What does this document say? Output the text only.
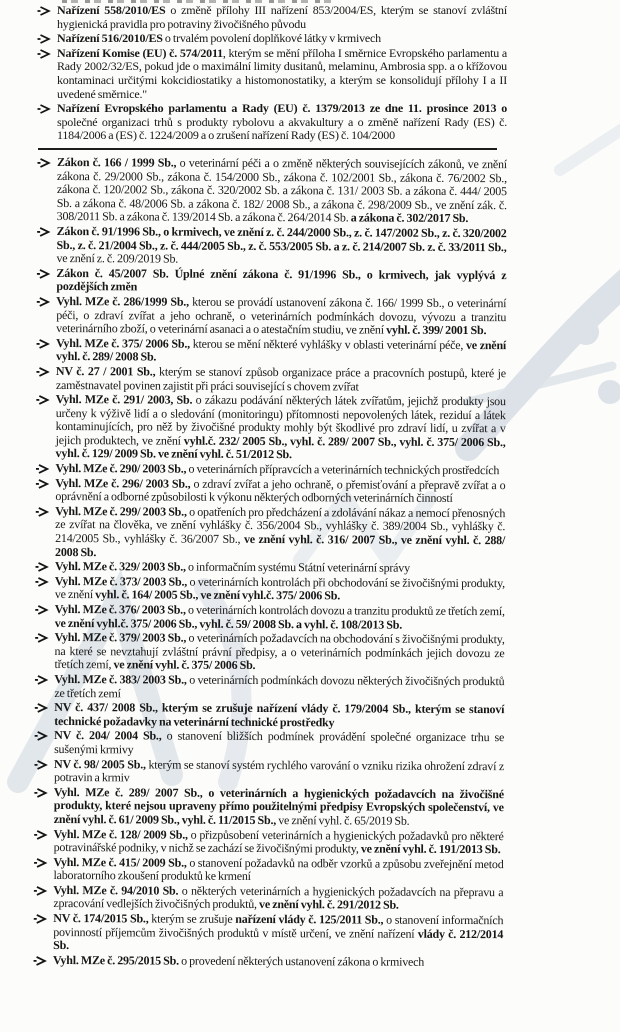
Nařízení 558/2010/ES o změně přílohy III nařízení 853/2004/ES, kterým se stanoví zvláštní hygienická pravidla pro potraviny živočišného původu
Nařízení 516/2010/ES o trvalém povolení doplňkové látky v krmivech
Nařízení Komise (EU) č. 574/2011, kterým se mění příloha I směrnice Evropského parlamentu a Rady 2002/32/ES, pokud jde o maximální limity dusitanů, melaminu, Ambrosia spp. a o křížovou kontaminaci určitými kokcidiostatiky a histomonostatiky, a kterým se konsolidují přílohy I a II uvedené směrnice."
Nařízení Evropského parlamentu a Rady (EU) č. 1379/2013 ze dne 11. prosince 2013 o společné organizaci trhů s produkty rybolovu a akvakultury a o změně nařízení Rady (ES) č. 1184/2006 a (ES) č. 1224/2009 a o zrušení nařízení Rady (ES) č. 104/2000
Zákon č. 166 / 1999 Sb., o veterinární péči a o změně některých souvisejících zákonů, ve znění zákona č. 29/2000 Sb., zákona č. 154/2000 Sb., zákona č. 102/2001 Sb., zákona č. 76/2002 Sb., zákona č. 120/2002 Sb., zákona č. 320/2002 Sb. a zákona č. 131/ 2003 Sb. a zákona č. 444/ 2005 Sb. a zákona č. 48/2006 Sb. a zákona č. 182/ 2008 Sb., a zákona č. 298/2009 Sb., ve znění zák. č. 308/2011 Sb. a zákona č. 139/2014 Sb. a zákona č. 264/2014 Sb. a zákona č. 302/2017 Sb.
Zákon č. 91/1996 Sb., o krmivech, ve znění z. č. 244/2000 Sb., z. č. 147/2002 Sb., z. č. 320/2002 Sb., z. č. 21/2004 Sb., z. č. 444/2005 Sb., z. č. 553/2005 Sb. a z. č. 214/2007 Sb. z. č. 33/2011 Sb., ve znění z. č. 209/2019 Sb.
Zákon č. 45/2007 Sb. Úplné znění zákona č. 91/1996 Sb., o krmivech, jak vyplývá z pozdějších změn
Vyhl. MZe č. 286/1999 Sb., kterou se provádí ustanovení zákona č. 166/ 1999 Sb., o veterinární péči, o zdraví zvířat a jeho ochraně, o veterinárních podmínkách dovozu, vývozu a tranzitu veterinárního zboží, o veterinární asanaci a o atestačním studiu, ve znění vyhl. č. 399/ 2001 Sb.
Vyhl. MZe č. 375/ 2006 Sb., kterou se mění některé vyhlášky v oblasti veterinární péče, ve znění vyhl. č. 289/ 2008 Sb.
NV č. 27 / 2001 Sb., kterým se stanoví způsob organizace práce a pracovních postupů, které je zaměstnavatel povinen zajistit při práci související s chovem zvířat
Vyhl. MZe č. 291/ 2003, Sb. o zákazu podávání některých látek zvířatům, jejichž produkty jsou určeny k výživě lidí a o sledování (monitoringu) přítomnosti nepovolených látek, reziduí a látek kontaminujících, pro něž by živočišné produkty mohly být škodlivé pro zdraví lidí, u zvířat a v jejich produktech, ve znění vyhl.č. 232/ 2005 Sb., vyhl. č. 289/ 2007 Sb., vyhl. č. 375/ 2006 Sb., vyhl. č. 129/ 2009 Sb. ve znění vyhl. č. 51/2012 Sb.
Vyhl. MZe č. 290/ 2003 Sb., o veterinárních přípravcích a veterinárních technických prostředcích
Vyhl. MZe č. 296/ 2003 Sb., o zdraví zvířat a jeho ochraně, o přemisťování a přepravě zvířat a o oprávnění a odborné způsobilosti k výkonu některých odborných veterinárních činností
Vyhl. MZe č. 299/ 2003 Sb., o opatřeních pro předcházení a zdolávání nákaz a nemocí přenosných ze zvířat na člověka, ve znění vyhlášky č. 356/2004 Sb., vyhlášky č. 389/2004 Sb., vyhlášky č. 214/2005 Sb., vyhlášky č. 36/2007 Sb., ve znění vyhl. č. 316/ 2007 Sb., ve znění vyhl. č. 288/ 2008 Sb.
Vyhl. MZe č. 329/ 2003 Sb., o informačním systému Státní veterinární správy
Vyhl. MZe č. 373/ 2003 Sb., o veterinárních kontrolách při obchodování se živočišnými produkty, ve znění vyhl. č. 164/ 2005 Sb., ve znění vyhl.č. 375/ 2006 Sb.
Vyhl. MZe č. 376/ 2003 Sb., o veterinárních kontrolách dovozu a tranzitu produktů ze třetích zemí, ve znění vyhl.č. 375/ 2006 Sb., vyhl. č. 59/ 2008 Sb. a vyhl. č. 108/2013 Sb.
Vyhl. MZe č. 379/ 2003 Sb., o veterinárních požadavcích na obchodování s živočišnými produkty, na které se nevztahují zvláštní právní předpisy, a o veterinárních podmínkách jejich dovozu ze třetích zemí, ve znění vyhl. č. 375/ 2006 Sb.
Vyhl. MZe č. 383/ 2003 Sb., o veterinárních podmínkách dovozu některých živočišných produktů ze třetích zemí
NV č. 437/ 2008 Sb., kterým se zrušuje nařízení vlády č. 179/2004 Sb., kterým se stanoví technické požadavky na veterinární technické prostředky
NV č. 204/ 2004 Sb., o stanovení bližších podmínek provádění společné organizace trhu se sušenými krmivy
NV č. 98/ 2005 Sb., kterým se stanoví systém rychlého varování o vzniku rizika ohrožení zdraví z potravin a krmiv
Vyhl. MZe č. 289/ 2007 Sb., o veterinárních a hygienických požadavcích na živočišné produkty, které nejsou upraveny přímo použitelnými předpisy Evropských společenství, ve znění vyhl. č. 61/ 2009 Sb., vyhl. č. 11/2015 Sb., ve znění vyhl. č. 65/2019 Sb.
Vyhl. MZe č. 128/ 2009 Sb., o přizpůsobení veterinárních a hygienických požadavků pro některé potravinářské podniky, v nichž se zachází se živočišnými produkty, ve znění vyhl. č. 191/2013 Sb.
Vyhl. MZe č. 415/ 2009 Sb., o stanovení požadavků na odběr vzorků a způsobu zveřejnění metod laboratorního zkoušení produktů ke krmení
Vyhl. MZe č. 94/2010 Sb. o některých veterinárních a hygienických požadavcích na přepravu a zpracování vedlejších živočišných produktů, ve znění vyhl. č. 291/2012 Sb.
NV č. 174/2015 Sb., kterým se zrušuje nařízení vlády č. 125/2011 Sb., o stanovení informačních povinností příjemcům živočišných produktů v místě určení, ve znění nařízení vlády č. 212/2014 Sb.
Vyhl. MZe č. 295/2015 Sb. o provedení některých ustanovení zákona o krmivech
